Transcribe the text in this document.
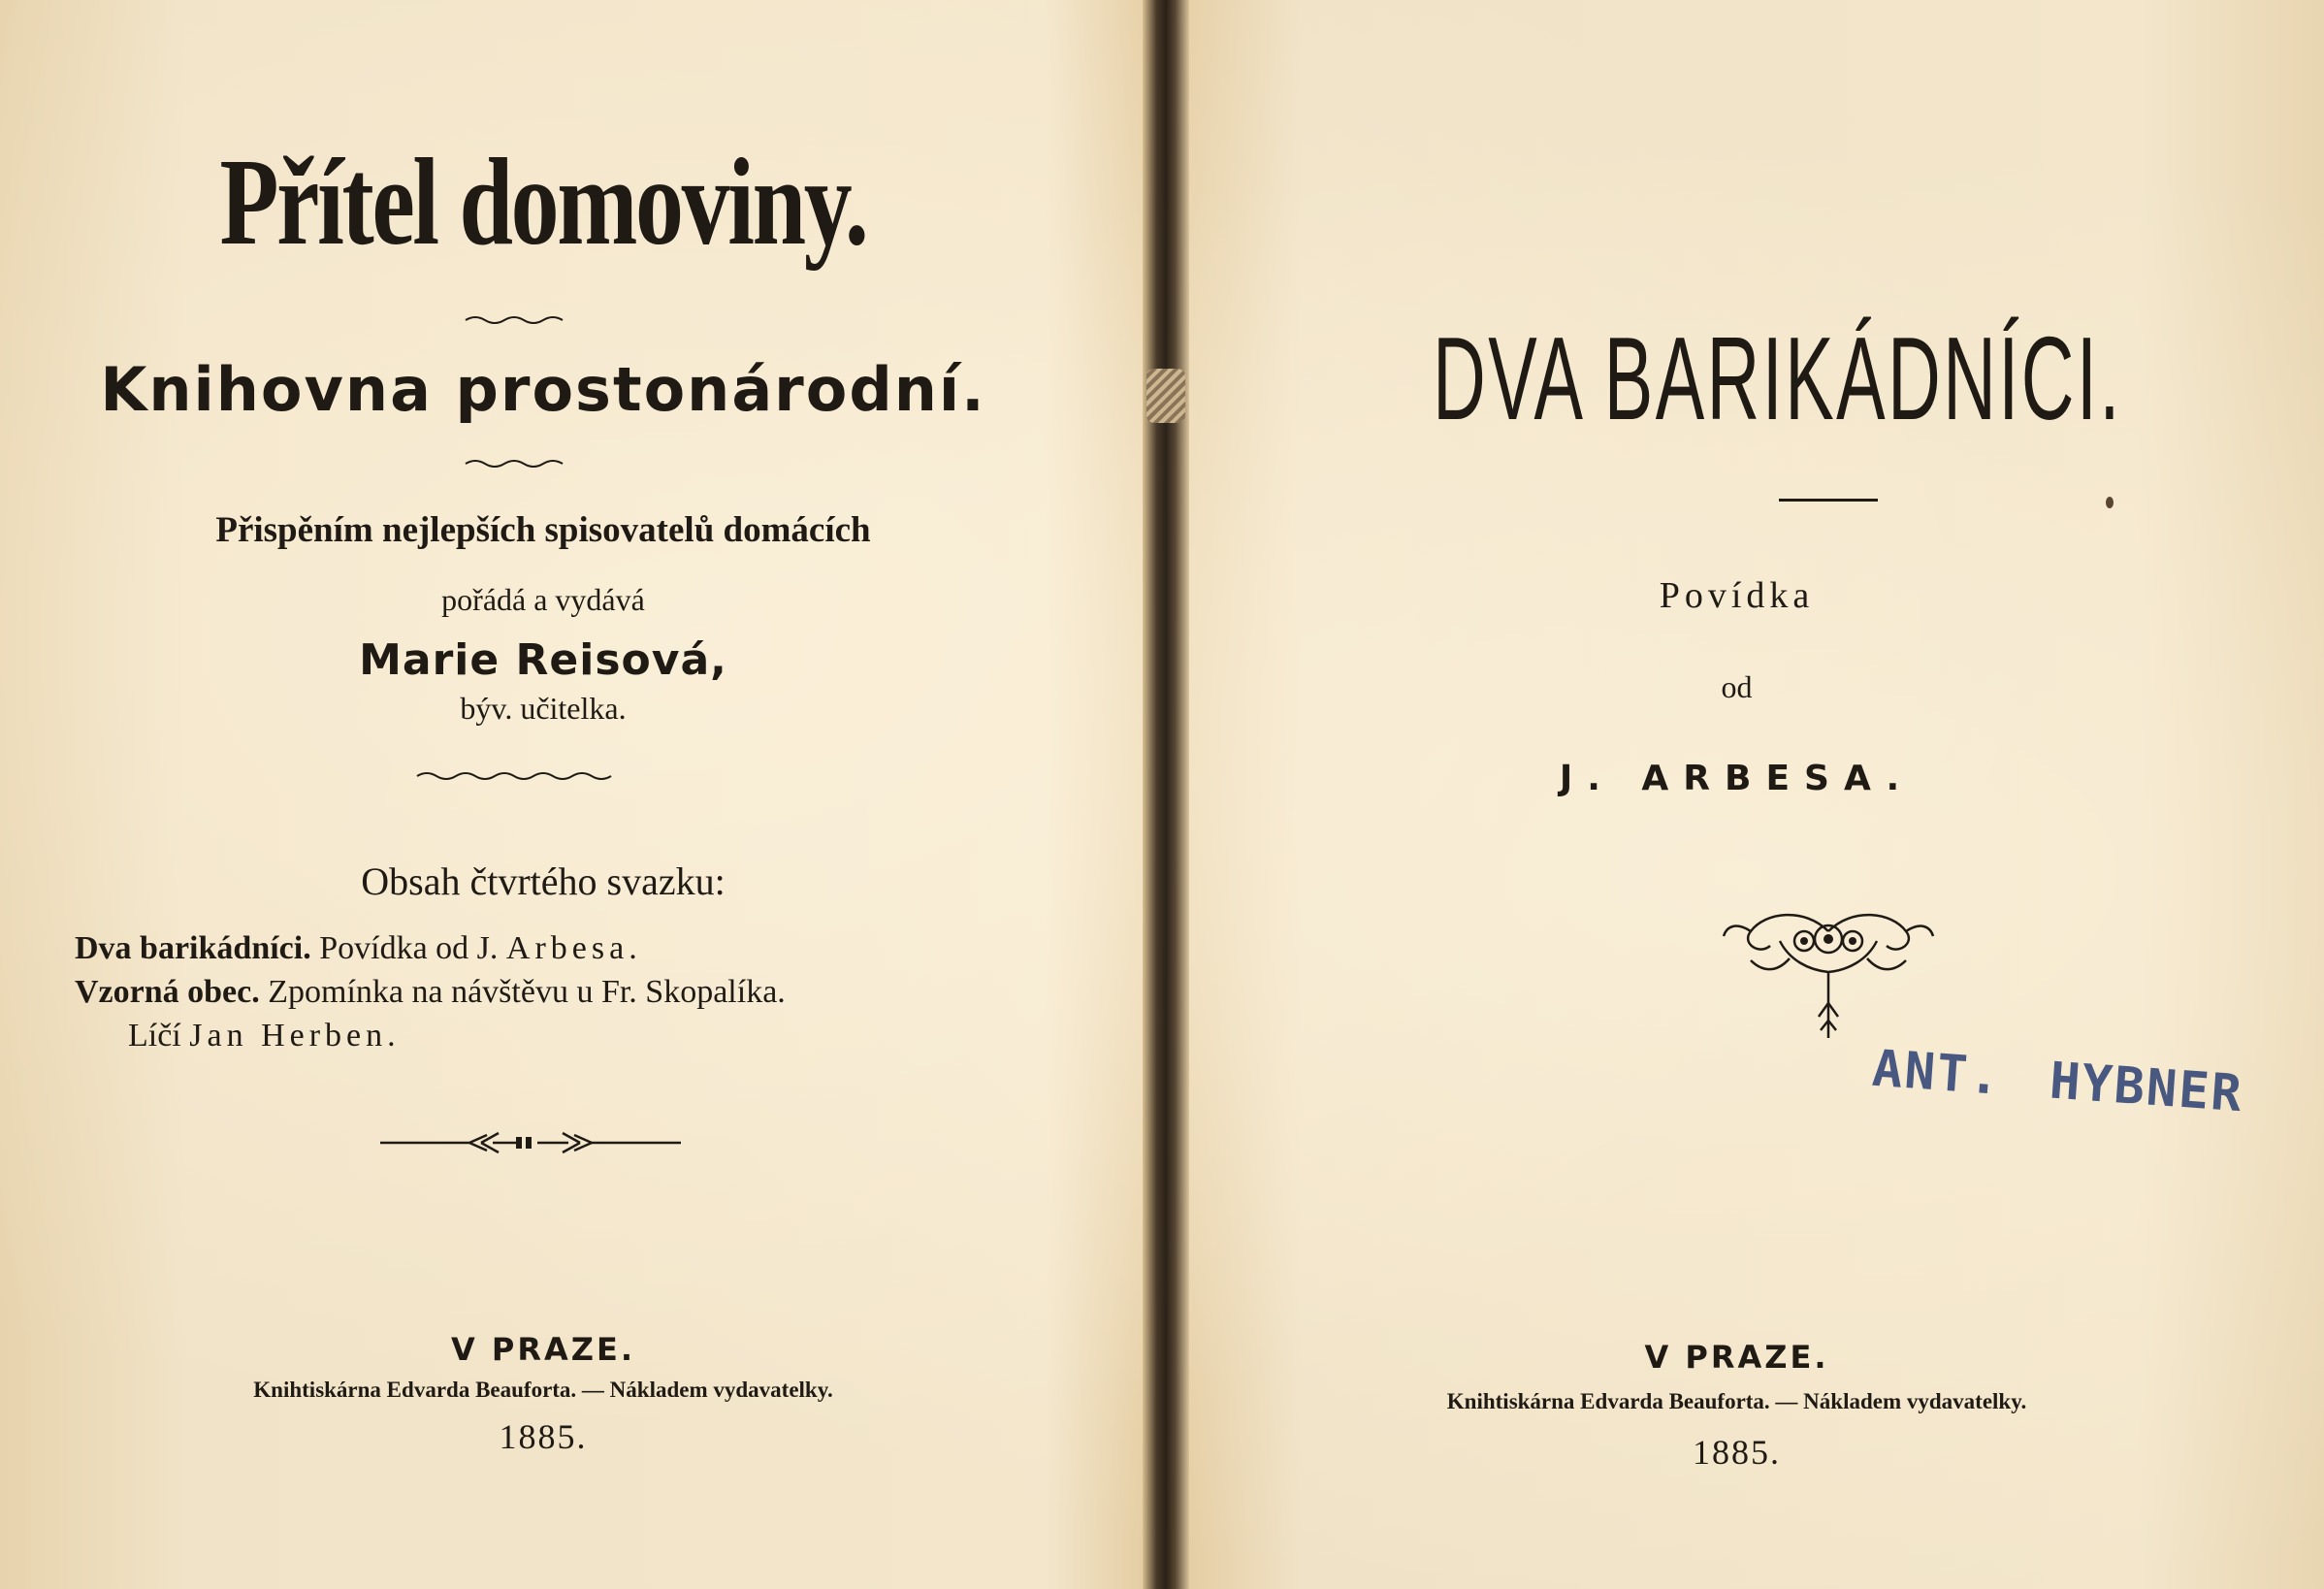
Přítel domoviny.
Knihovna prostonárodní.
Přispěním nejlepších spisovatelů domácích
pořádá a vydává
Marie Reisová,
býv. učitelka.
Obsah čtvrtého svazku:
Dva barikádníci. Povídka od J. Arbesa.
Vzorná obec. Zpomínka na návštěvu u Fr. Skopalíka.
Líčí Jan Herben.
V PRAZE.
Knihtiskárna Edvarda Beauforta. — Nákladem vydavatelky.
1885.
DVA BARIKÁDNÍCI.
Povídka
od
J. ARBESA.
V PRAZE.
Knihtiskárna Edvarda Beauforta. — Nákladem vydavatelky.
1885.
ANT. HYBNER
